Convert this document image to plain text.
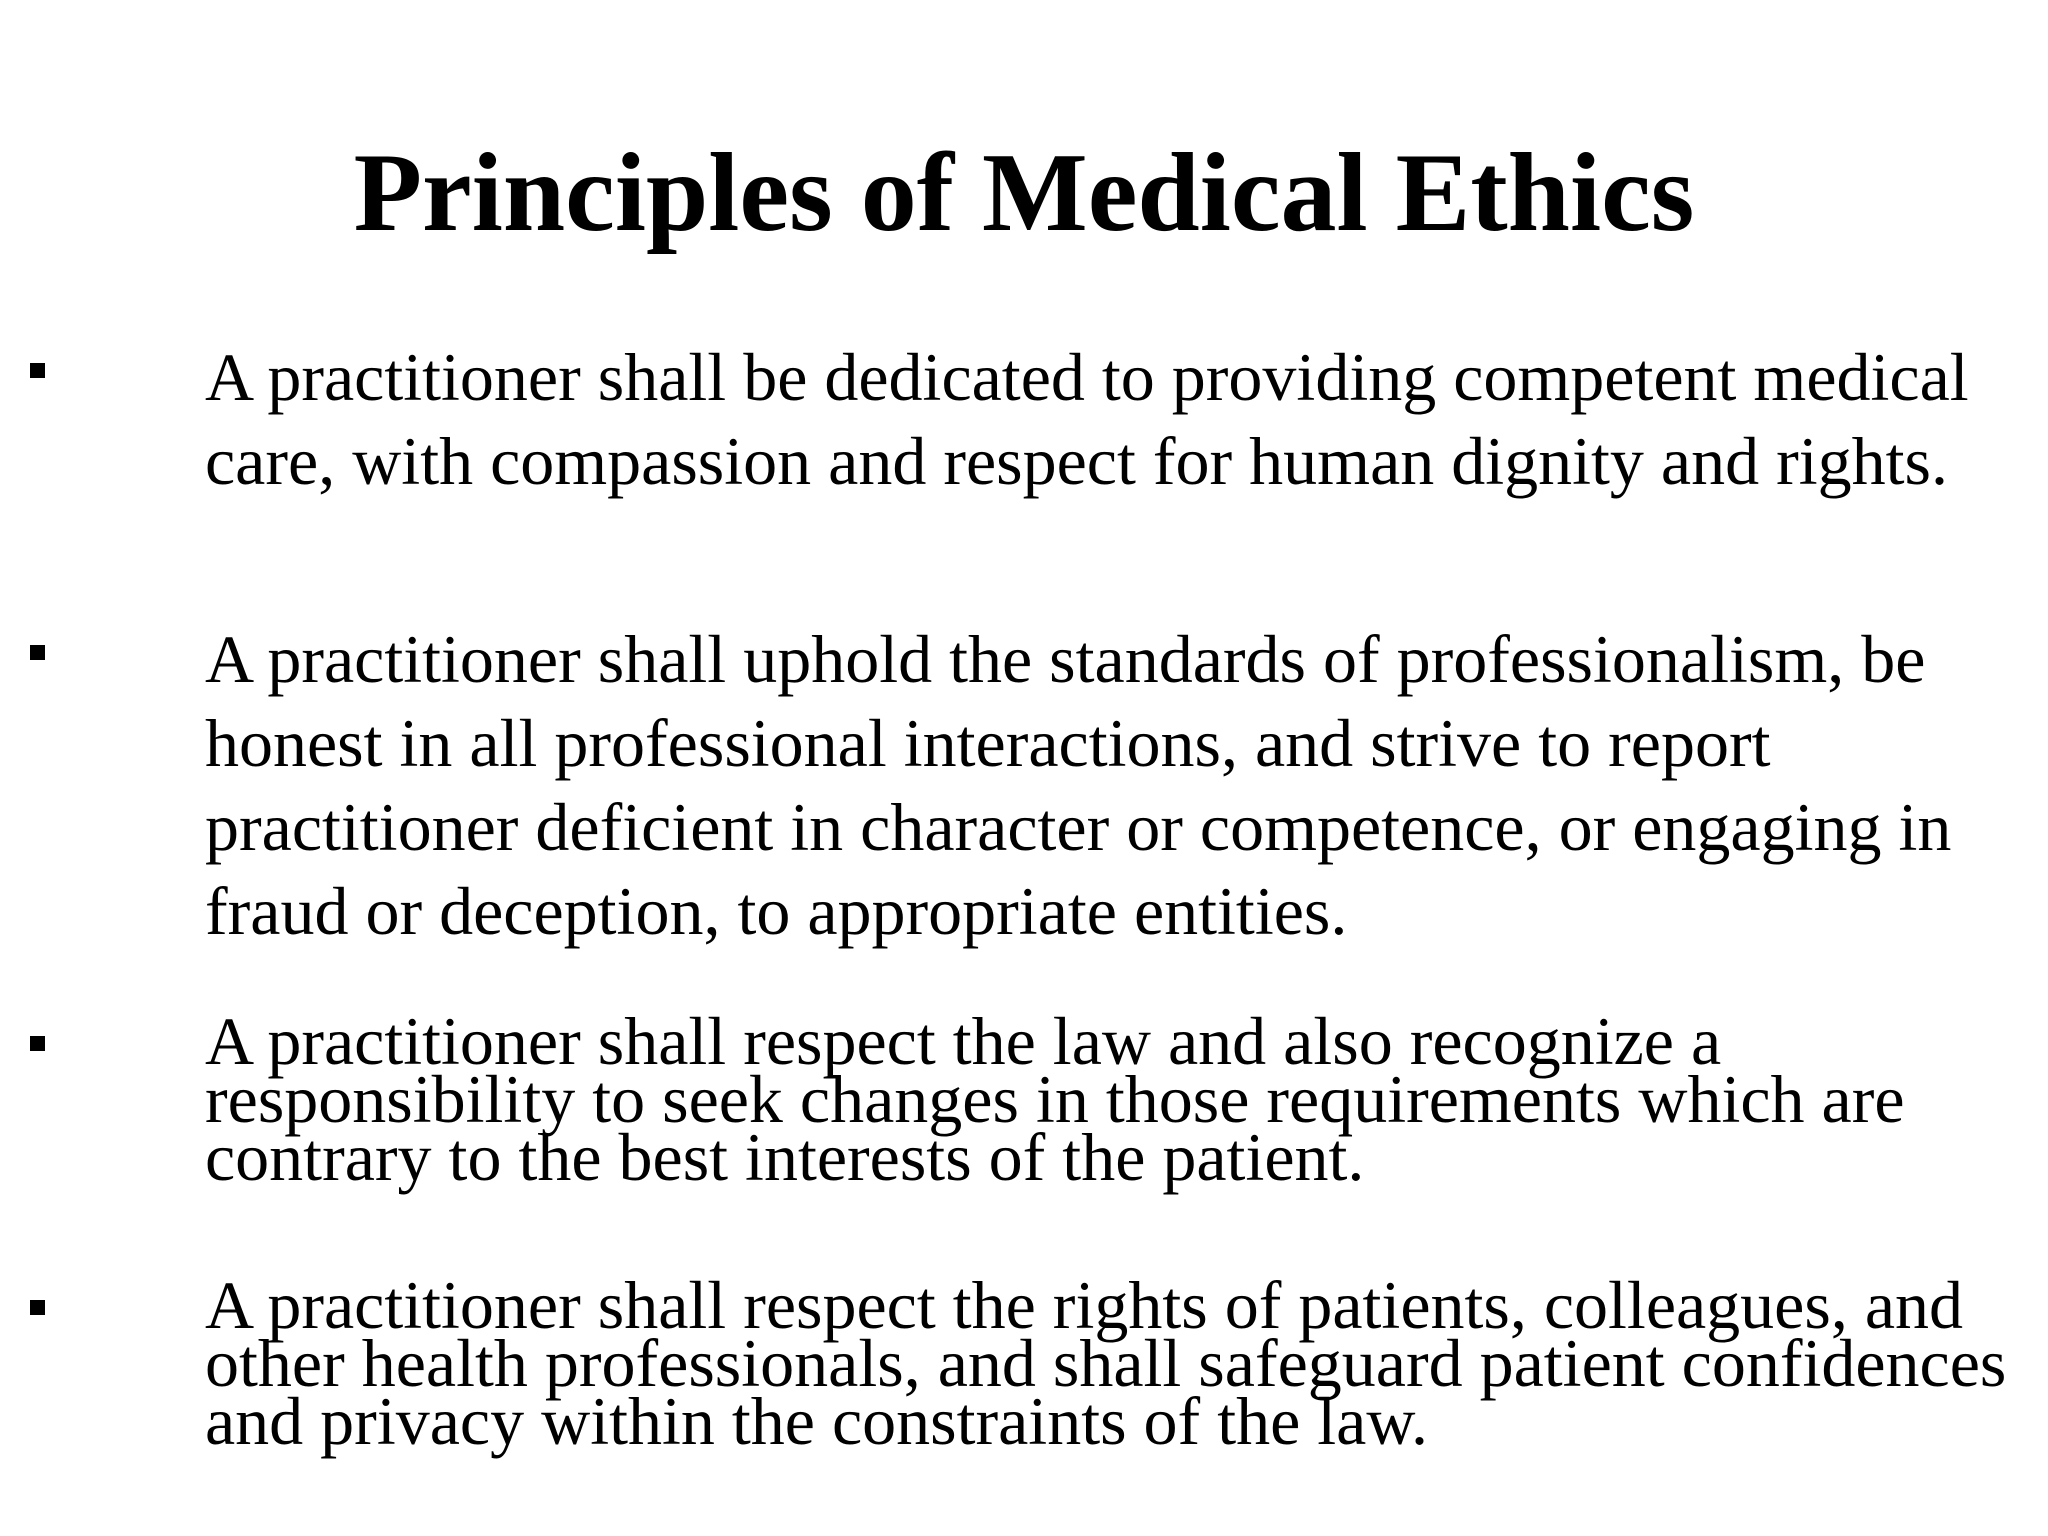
Principles of Medical Ethics

A practitioner shall be dedicated to providing competent medical
care, with compassion and respect for human dignity and rights.

A practitioner shall uphold the standards of professionalism, be
honest in all professional interactions, and strive to report
practitioner deficient in character or competence, or engaging in
fraud or deception, to appropriate entities.

A practitioner shall respect the law and also recognize a
responsibility to seek changes in those requirements which are
contrary to the best interests of the patient.

A practitioner shall respect the rights of patients, colleagues, and
other health professionals, and shall safeguard patient confidences
and privacy within the constraints of the law.
